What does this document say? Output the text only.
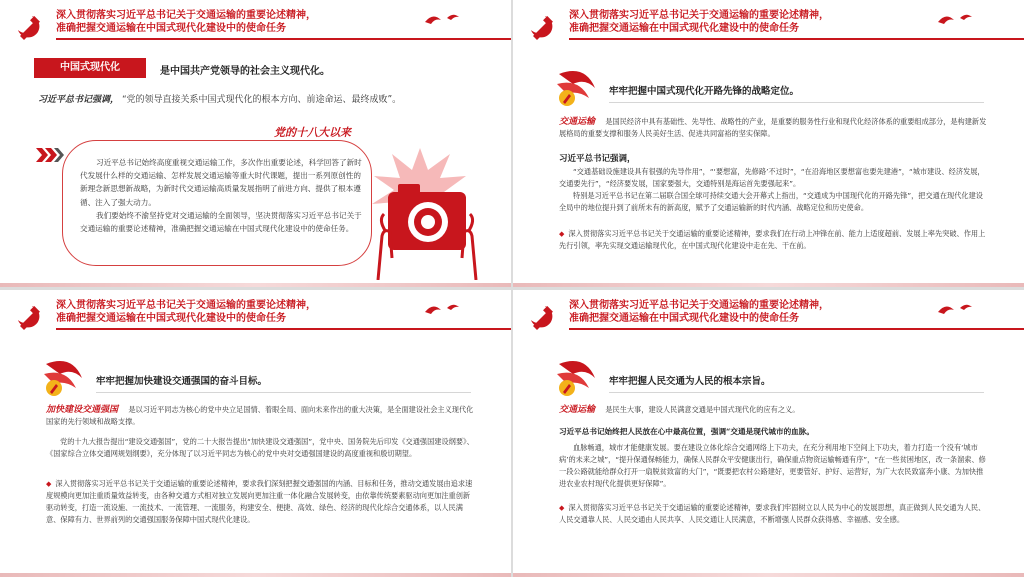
深入贯彻落实习近平总书记关于交通运输的重要论述精神，
准确把握交通运输在中国式现代化建设中的使命任务
中国式现代化	是中国共产党领导的社会主义现代化。
习近平总书记强调， “党的领导直接关系中国式现代化的根本方向、前途命运、最终成败”。
党的十八大以来

习近平总书记始终高度重视交通运输工作，多次作出重要论述，科学回答了新时代发展什么样的交通运输、怎样发展交通运输等重大时代课题，提出一系列原创性的新理念新思想新战略，为新时代交通运输高质量发展指明了前进方向、提供了根本遵循、注入了强大动力。

我们要始终不渝坚持党对交通运输的全面领导，坚决贯彻落实习近平总书记关于交通运输的重要论述精神，准确把握交通运输在中国式现代化建设中的使命任务。

深入贯彻落实习近平总书记关于交通运输的重要论述精神，
准确把握交通运输在中国式现代化建设中的使命任务
牢牢把握中国式现代化开路先锋的战略定位。
交通运输 是国民经济中具有基础性、先导性、战略性的产业，是重要的服务性行业和现代化经济体系的重要组成部分，是构建新发展格局的重要支撑和服务人民美好生活、促进共同富裕的坚实保障。
习近平总书记强调，
“交通基础设施建设具有很强的先导作用”，“‘要想富，先修路’不过时”，“在沿海地区要想富也要先建港”，“城市建设、经济发展，交通要先行”，“经济要发展，国家要强大，交通特别是海运首先要强起来”。
特别是习近平总书记在第二届联合国全球可持续交通大会开幕式上指出，“交通成为中国现代化的开路先锋”，把交通在现代化建设全局中的地位提升到了前所未有的新高度，赋予了交通运输新的时代内涵、战略定位和历史使命。
◆ 深入贯彻落实习近平总书记关于交通运输的重要论述精神，要求我们在行动上冲锋在前、能力上适度超前、发展上率先突破、作用上先行引领，率先实现交通运输现代化，在中国式现代化建设中走在先、干在前。
深入贯彻落实习近平总书记关于交通运输的重要论述精神，
准确把握交通运输在中国式现代化建设中的使命任务
牢牢把握加快建设交通强国的奋斗目标。
加快建设交通强国 是以习近平同志为核心的党中央立足国情、着眼全局、面向未来作出的重大决策，是全面建设社会主义现代化国家的先行领域和战略支撑。
党的十九大报告提出“建设交通强国”，党的二十大报告提出“加快建设交通强国”，党中央、国务院先后印发《交通强国建设纲要》、《国家综合立体交通网规划纲要》，充分体现了以习近平同志为核心的党中央对交通强国建设的高度重视和殷切期望。
◆ 深入贯彻落实习近平总书记关于交通运输的重要论述精神，要求我们深刻把握交通强国的内涵、目标和任务，推动交通发展由追求速度规模向更加注重质量效益转变，由各种交通方式相对独立发展向更加注重一体化融合发展转变，由依靠传统要素驱动向更加注重创新驱动转变，打造一流设施、一流技术、一流管理、一流服务，构建安全、便捷、高效、绿色、经济的现代化综合交通体系，以人民满意、保障有力、世界前列的交通强国服务保障中国式现代化建设。
深入贯彻落实习近平总书记关于交通运输的重要论述精神，
准确把握交通运输在中国式现代化建设中的使命任务
牢牢把握人民交通为人民的根本宗旨。
交通运输 是民生大事，建设人民满意交通是中国式现代化的应有之义。
习近平总书记始终把人民放在心中最高位置，强调“交通是现代城市的血脉。
血脉畅通，城市才能健康发展。要在建设立体化综合交通网络上下功夫，在充分利用地下空间上下功夫，着力打造一个没有‘城市病’的未来之城”，“提升保通保畅能力，确保人民群众平安健康出行，确保重点物资运输畅通有序”，“在一些贫困地区，改一条溜索、修一段公路就能给群众打开一扇脱贫致富的大门”，“既要把农村公路建好，更要管好、护好、运营好，为广大农民致富奔小康、为加快推进农业农村现代化提供更好保障”。
◆ 深入贯彻落实习近平总书记关于交通运输的重要论述精神，要求我们牢固树立以人民为中心的发展思想，真正做到人民交通为人民、人民交通靠人民、人民交通由人民共享、人民交通让人民满意，不断增强人民群众获得感、幸福感、安全感。
